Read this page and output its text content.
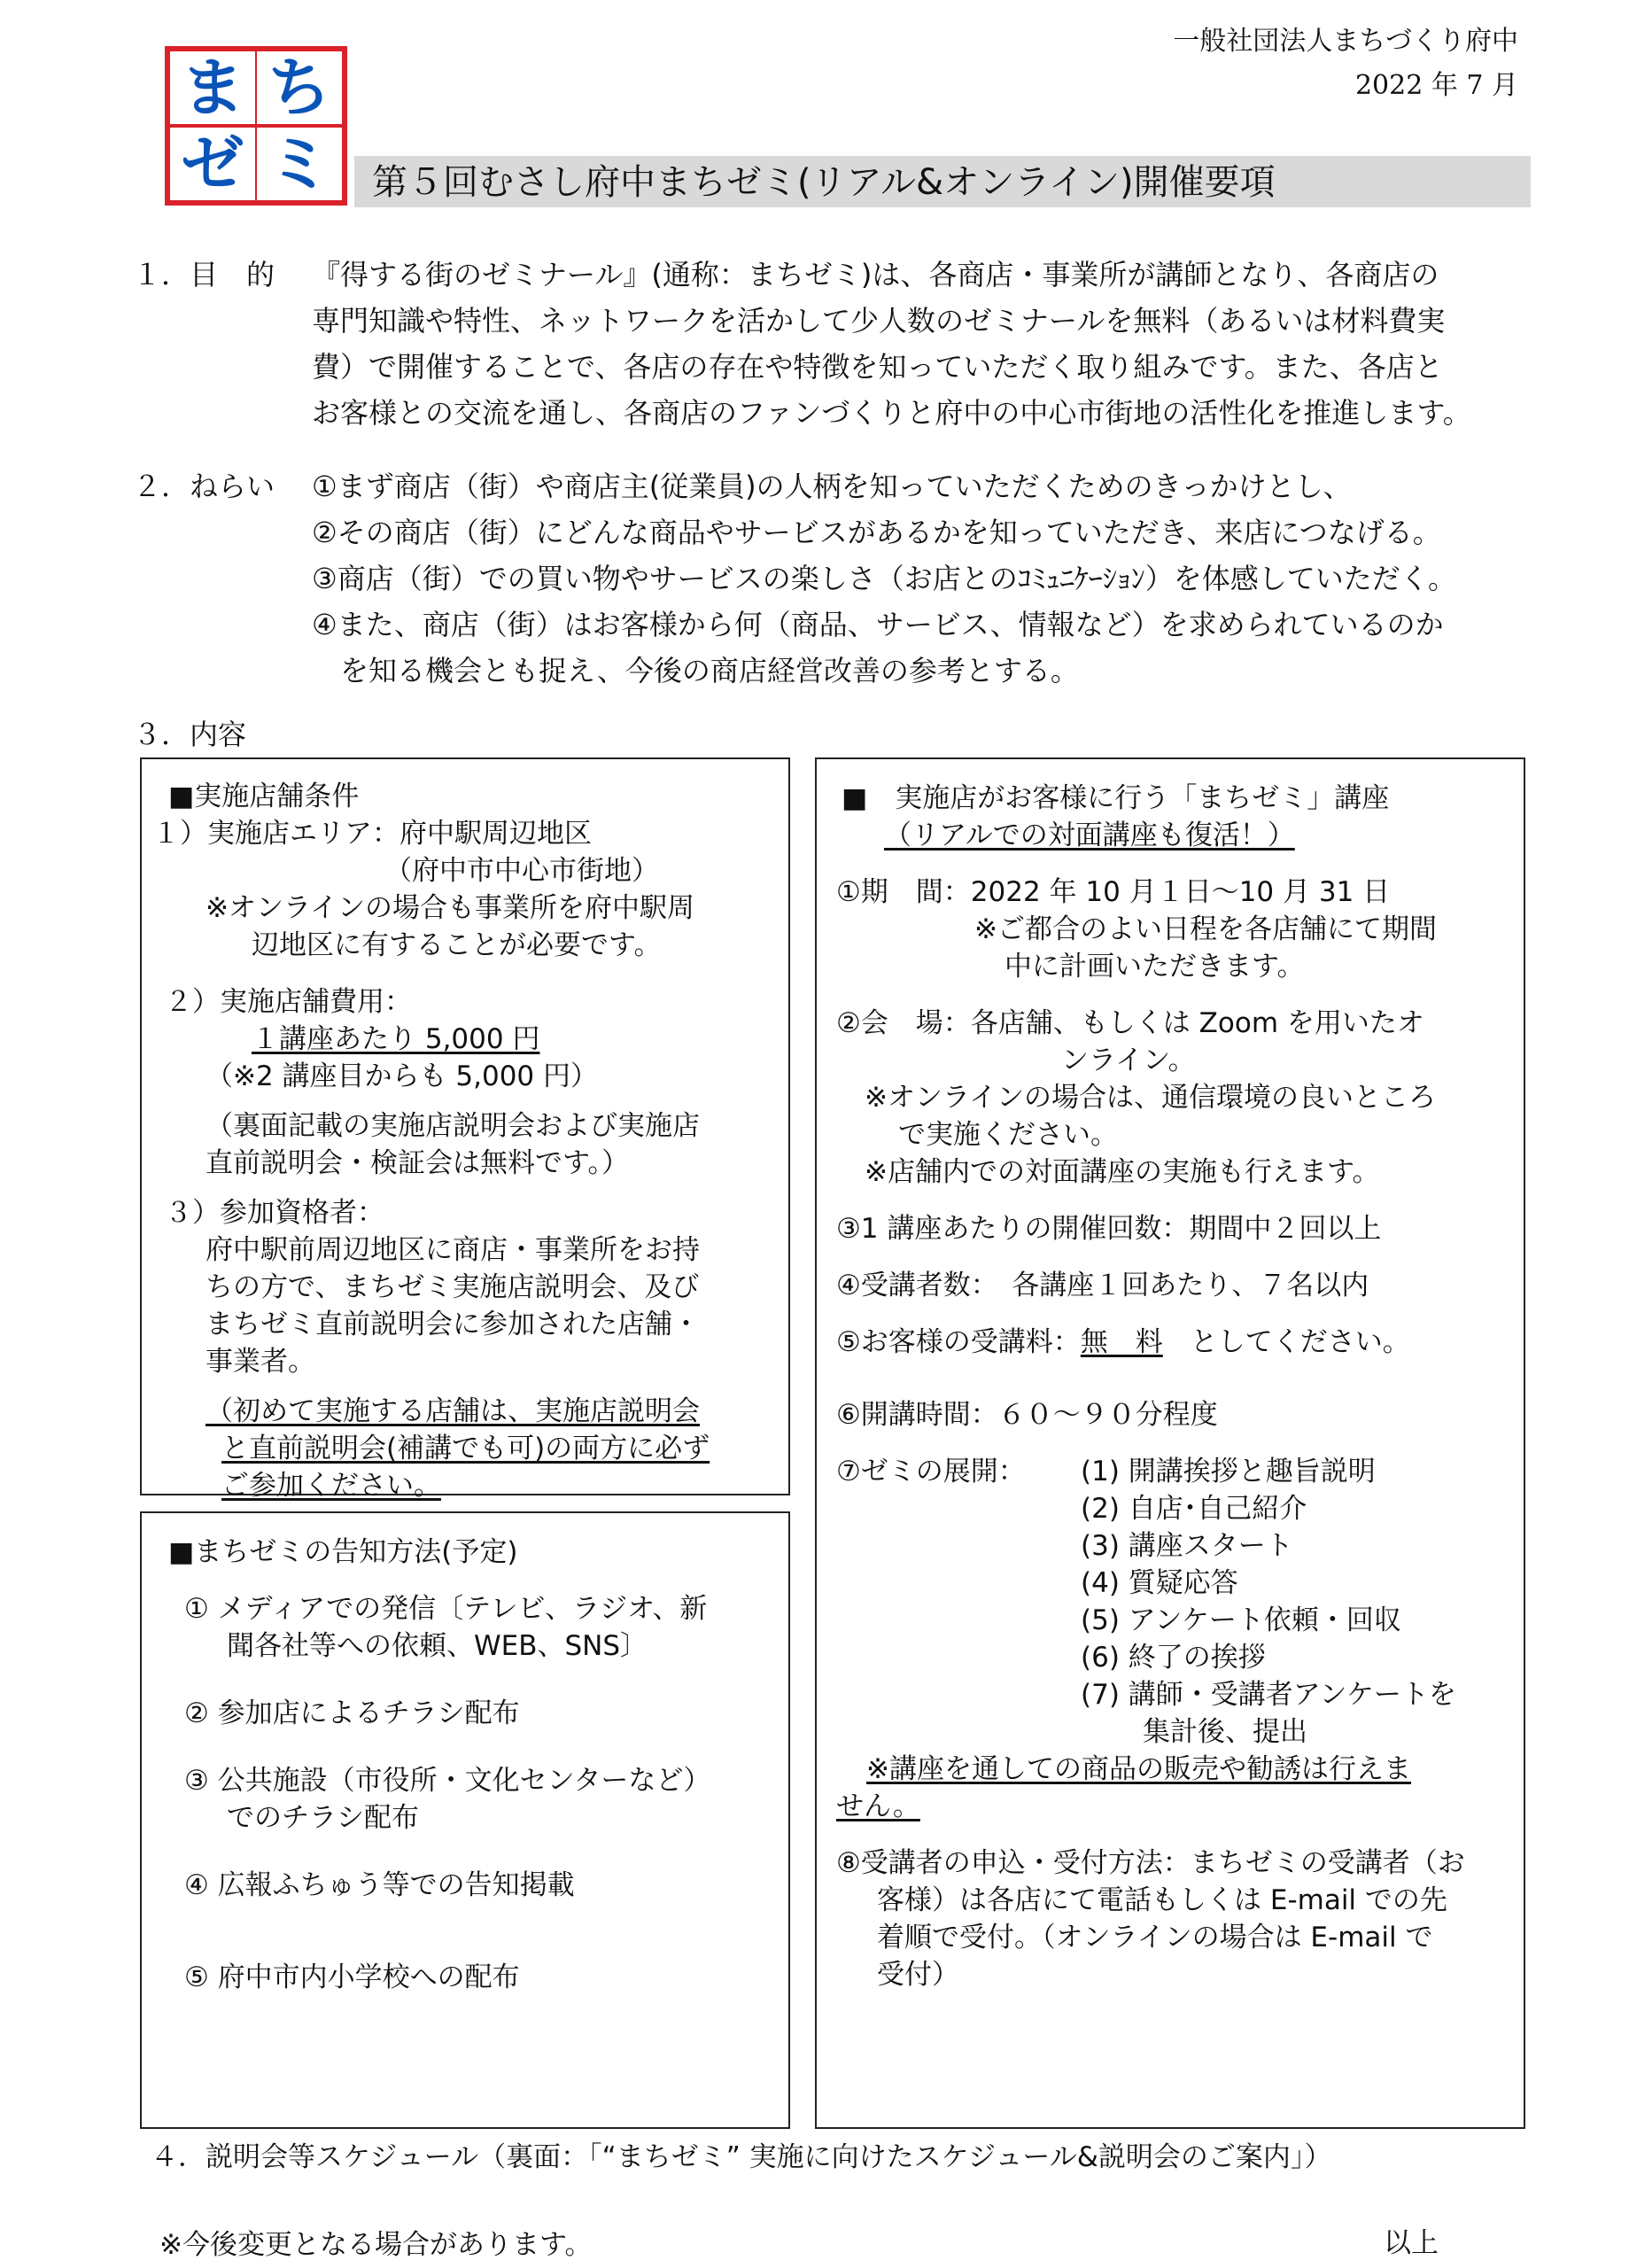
一般社団法人まちづくり府中
2022 年 7 月
ま ち
ゼ ミ	第５回むさし府中まちゼミ(リアル&オンライン)開催要項
１．目　的 『得する街のゼミナール』(通称：まちゼミ)は、各商店・事業所が講師となり、各商店の
専門知識や特性、ネットワークを活かして少人数のゼミナールを無料（あるいは材料費実
費）で開催することで、各店の存在や特徴を知っていただく取り組みです。また、各店と
お客様との交流を通し、各商店のファンづくりと府中の中心市街地の活性化を推進します。
２．ねらい ①まず商店（街）や商店主(従業員)の人柄を知っていただくためのきっかけとし、
②その商店（街）にどんな商品やサービスがあるかを知っていただき、来店につなげる。
③商店（街）での買い物やサービスの楽しさ（お店とのｺﾐｭﾆｹｰｼｮﾝ）を体感していただく。
④また、商店（街）はお客様から何（商品、サービス、情報など）を求められているのか
　を知る機会とも捉え、今後の商店経営改善の参考とする。
３．内容
■実施店舗条件
１）実施店エリア：府中駅周辺地区
（府中市中心市街地）
※オンラインの場合も事業所を府中駅周
辺地区に有することが必要です。
２）実施店舗費用：
１講座あたり 5,000 円
（※2 講座目からも 5,000 円）
（裏面記載の実施店説明会および実施店
直前説明会・検証会は無料です。）
３）参加資格者：
府中駅前周辺地区に商店・事業所をお持
ちの方で、まちゼミ実施店説明会、及び
まちゼミ直前説明会に参加された店舗・
事業者。
（初めて実施する店舗は、実施店説明会
と直前説明会(補講でも可)の両方に必ず
ご参加ください。
■まちゼミの告知方法(予定)
① メディアでの発信〔テレビ、ラジオ、新
聞各社等への依頼、WEB、SNS〕
② 参加店によるチラシ配布
③ 公共施設（市役所・文化センターなど）
でのチラシ配布
④ 広報ふちゅう等での告知掲載
⑤ 府中市内小学校への配布
■　実施店がお客様に行う「まちゼミ」講座
（リアルでの対面講座も復活！）
①期　間：2022 年 10 月１日～10 月 31 日
※ご都合のよい日程を各店舗にて期間
中に計画いただきます。
②会　場：各店舗、もしくは Zoom を用いたオ
ンライン。
※オンラインの場合は、通信環境の良いところ
で実施ください。
※店舗内での対面講座の実施も行えます。
③1 講座あたりの開催回数：期間中２回以上
④受講者数：　各講座１回あたり、７名以内
⑤お客様の受講料：無　料　としてください。
⑥開講時間：６０～９０分程度
⑦ゼミの展開： (1) 開講挨拶と趣旨説明
(2) 自店･自己紹介
(3) 講座スタート
(4) 質疑応答
(5) アンケート依頼・回収
(6) 終了の挨拶
(7) 講師・受講者アンケートを
集計後、提出
※講座を通しての商品の販売や勧誘は行えま
せん。
⑧受講者の申込・受付方法：まちゼミの受講者（お
客様）は各店にて電話もしくは E-mail での先
着順で受付。（オンラインの場合は E-mail で
受付）
４．説明会等スケジュール（裏面：「“まちゼミ” 実施に向けたスケジュール&説明会のご案内」）
※今後変更となる場合があります。	以上
